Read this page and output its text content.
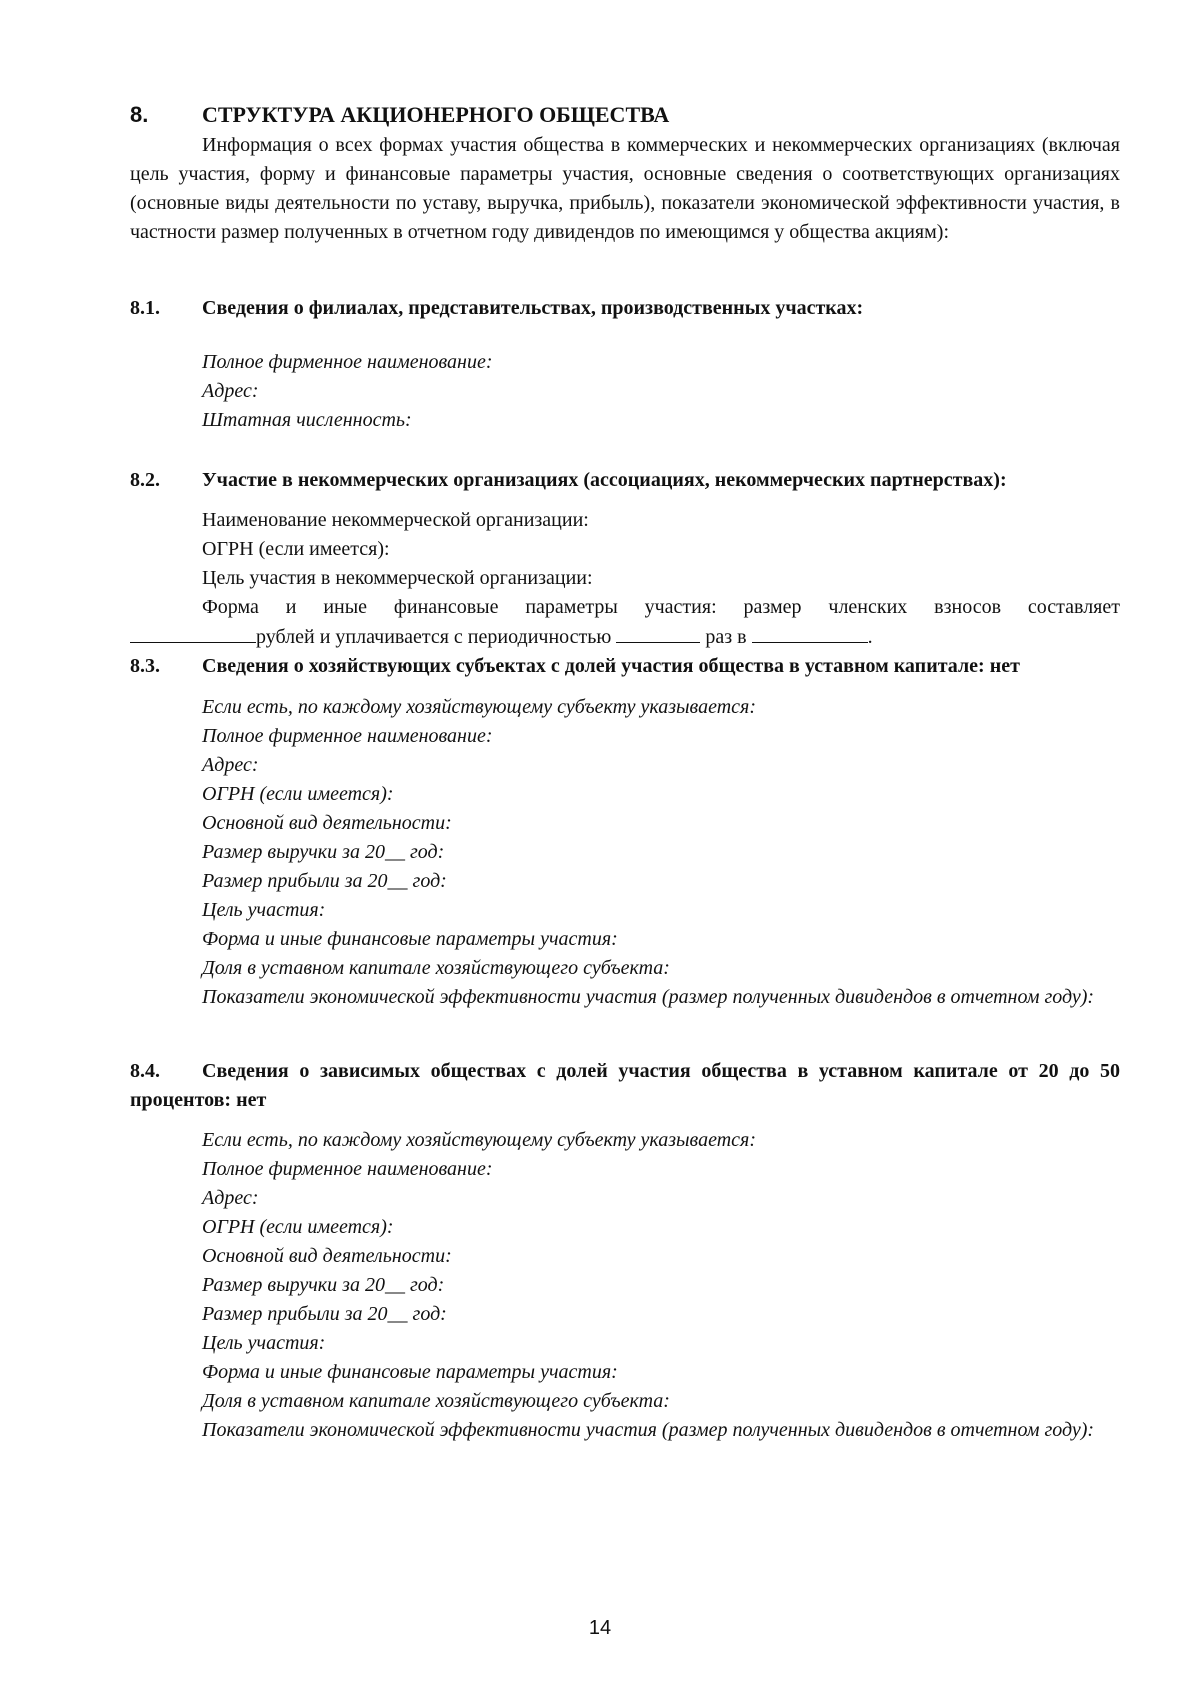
8. СТРУКТУРА АКЦИОНЕРНОГО ОБЩЕСТВА
Информация о всех формах участия общества в коммерческих и некоммерческих организациях (включая цель участия, форму и финансовые параметры участия, основные сведения о соответствующих организациях (основные виды деятельности по уставу, выручка, прибыль), показатели экономической эффективности участия, в частности размер полученных в отчетном году дивидендов по имеющимся у общества акциям):
8.1. Сведения о филиалах, представительствах, производственных участках:
Полное фирменное наименование:
Адрес:
Штатная численность:
8.2. Участие в некоммерческих организациях (ассоциациях, некоммерческих партнерствах):
Наименование некоммерческой организации:
ОГРН (если имеется):
Цель участия в некоммерческой организации:
Форма и иные финансовые параметры участия: размер членских взносов составляет
рублей и уплачивается с периодичностью	раз в	.
8.3. Сведения о хозяйствующих субъектах с долей участия общества в уставном капитале: нет
Если есть, по каждому хозяйствующему субъекту указывается:
Полное фирменное наименование:
Адрес:
ОГРН (если имеется):
Основной вид деятельности:
Размер выручки за 20__ год:
Размер прибыли за 20__ год:
Цель участия:
Форма и иные финансовые параметры участия:
Доля в уставном капитале хозяйствующего субъекта:
Показатели экономической эффективности участия (размер полученных дивидендов в отчетном году):
8.4. Сведения о зависимых обществах с долей участия общества в уставном капитале от 20 до 50 процентов: нет
Если есть, по каждому хозяйствующему субъекту указывается:
Полное фирменное наименование:
Адрес:
ОГРН (если имеется):
Основной вид деятельности:
Размер выручки за 20__ год:
Размер прибыли за 20__ год:
Цель участия:
Форма и иные финансовые параметры участия:
Доля в уставном капитале хозяйствующего субъекта:
Показатели экономической эффективности участия (размер полученных дивидендов в отчетном году):
14
